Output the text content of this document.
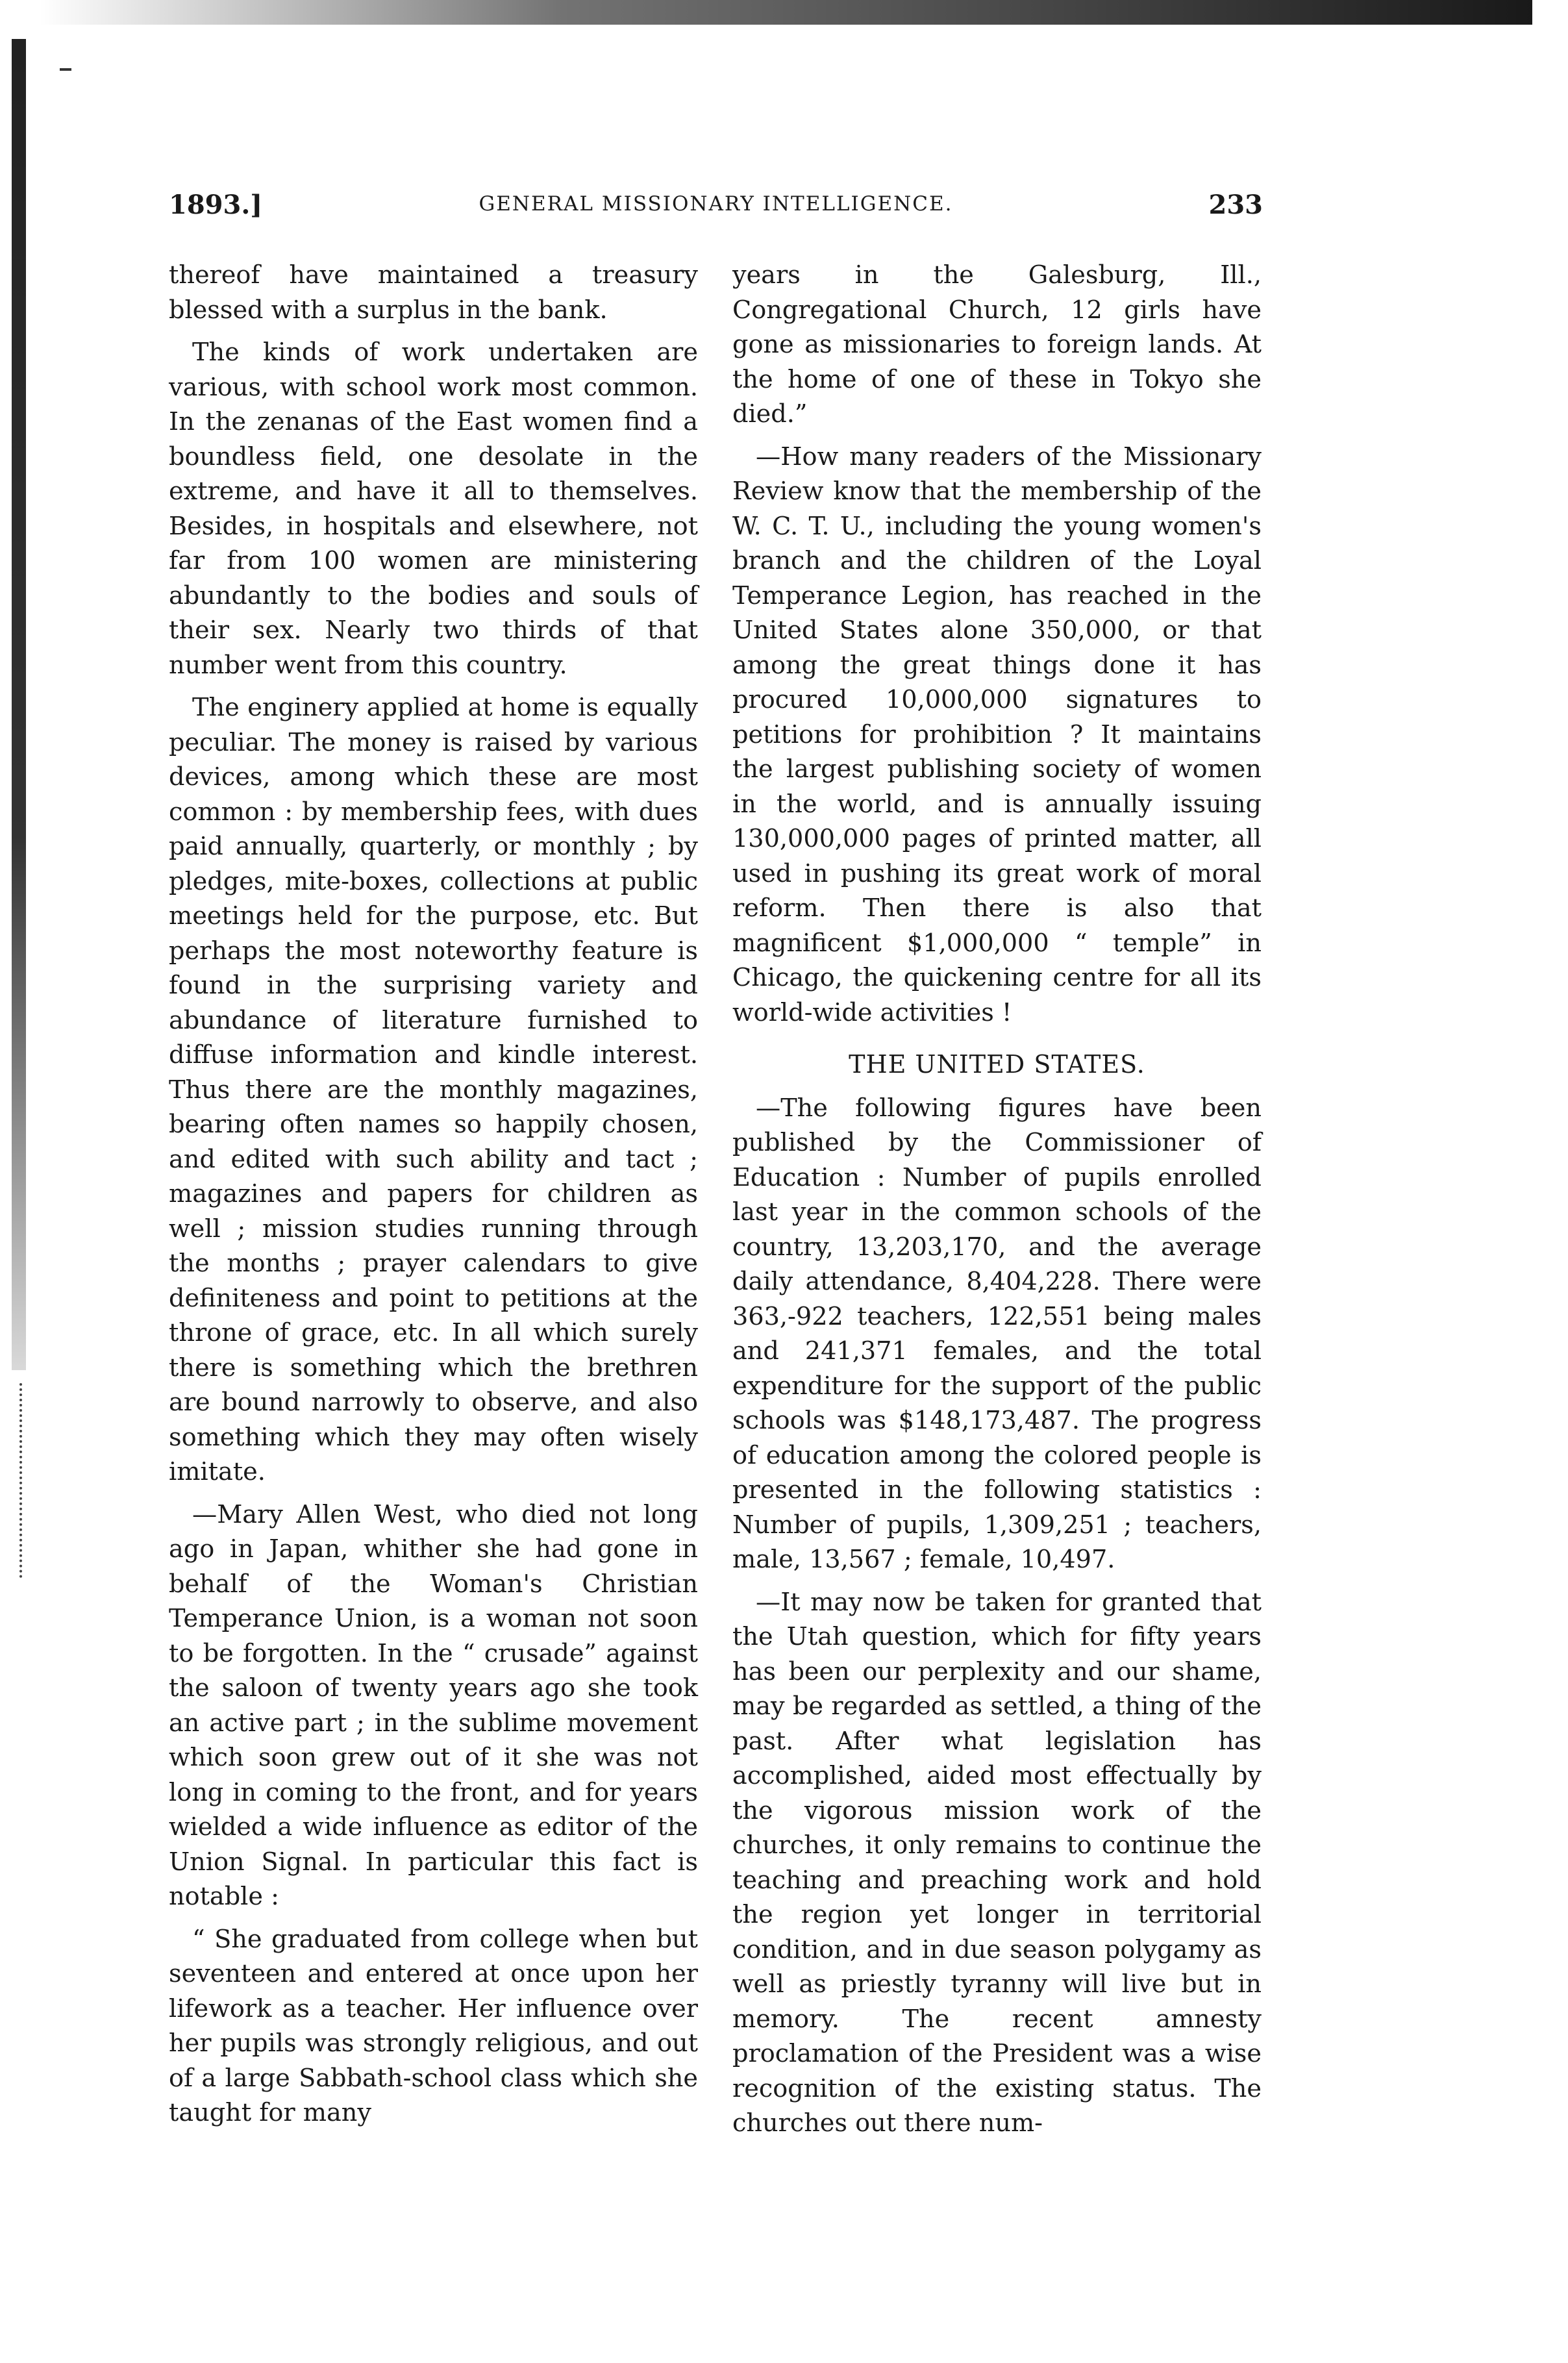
1893.]	GENERAL MISSIONARY INTELLIGENCE.	233

thereof have maintained a treasury blessed with a surplus in the bank.

The kinds of work undertaken are various, with school work most common. In the zenanas of the East women find a boundless field, one desolate in the extreme, and have it all to themselves. Besides, in hospitals and elsewhere, not far from 100 women are ministering abundantly to the bodies and souls of their sex. Nearly two thirds of that number went from this country.

The enginery applied at home is equally peculiar. The money is raised by various devices, among which these are most common : by membership fees, with dues paid annually, quarterly, or monthly ; by pledges, mite-boxes, collections at public meetings held for the purpose, etc. But perhaps the most noteworthy feature is found in the surprising variety and abundance of literature furnished to diffuse information and kindle interest. Thus there are the monthly magazines, bearing often names so happily chosen, and edited with such ability and tact ; magazines and papers for children as well ; mission studies running through the months ; prayer calendars to give definiteness and point to petitions at the throne of grace, etc. In all which surely there is something which the brethren are bound narrowly to observe, and also something which they may often wisely imitate.

—Mary Allen West, who died not long ago in Japan, whither she had gone in behalf of the Woman's Christian Temperance Union, is a woman not soon to be forgotten. In the “ crusade” against the saloon of twenty years ago she took an active part ; in the sublime movement which soon grew out of it she was not long in coming to the front, and for years wielded a wide influence as editor of the Union Signal. In particular this fact is notable :

“ She graduated from college when but seventeen and entered at once upon her lifework as a teacher. Her influence over her pupils was strongly religious, and out of a large Sabbath-school class which she taught for many

years in the Galesburg, Ill., Congregational Church, 12 girls have gone as missionaries to foreign lands. At the home of one of these in Tokyo she died.”

—How many readers of the Missionary Review know that the membership of the W. C. T. U., including the young women's branch and the children of the Loyal Temperance Legion, has reached in the United States alone 350,000, or that among the great things done it has procured 10,000,000 signatures to petitions for prohibition ? It maintains the largest publishing society of women in the world, and is annually issuing 130,000,000 pages of printed matter, all used in pushing its great work of moral reform. Then there is also that magnificent $1,000,000 “ temple” in Chicago, the quickening centre for all its world-wide activities !

THE UNITED STATES.

—The following figures have been published by the Commissioner of Education : Number of pupils enrolled last year in the common schools of the country, 13,203,170, and the average daily attendance, 8,404,228. There were 363,-922 teachers, 122,551 being males and 241,371 females, and the total expenditure for the support of the public schools was $148,173,487. The progress of education among the colored people is presented in the following statistics : Number of pupils, 1,309,251 ; teachers, male, 13,567 ; female, 10,497.

—It may now be taken for granted that the Utah question, which for fifty years has been our perplexity and our shame, may be regarded as settled, a thing of the past. After what legislation has accomplished, aided most effectually by the vigorous mission work of the churches, it only remains to continue the teaching and preaching work and hold the region yet longer in territorial condition, and in due season polygamy as well as priestly tyranny will live but in memory. The recent amnesty proclamation of the President was a wise recognition of the existing status. The churches out there num-
